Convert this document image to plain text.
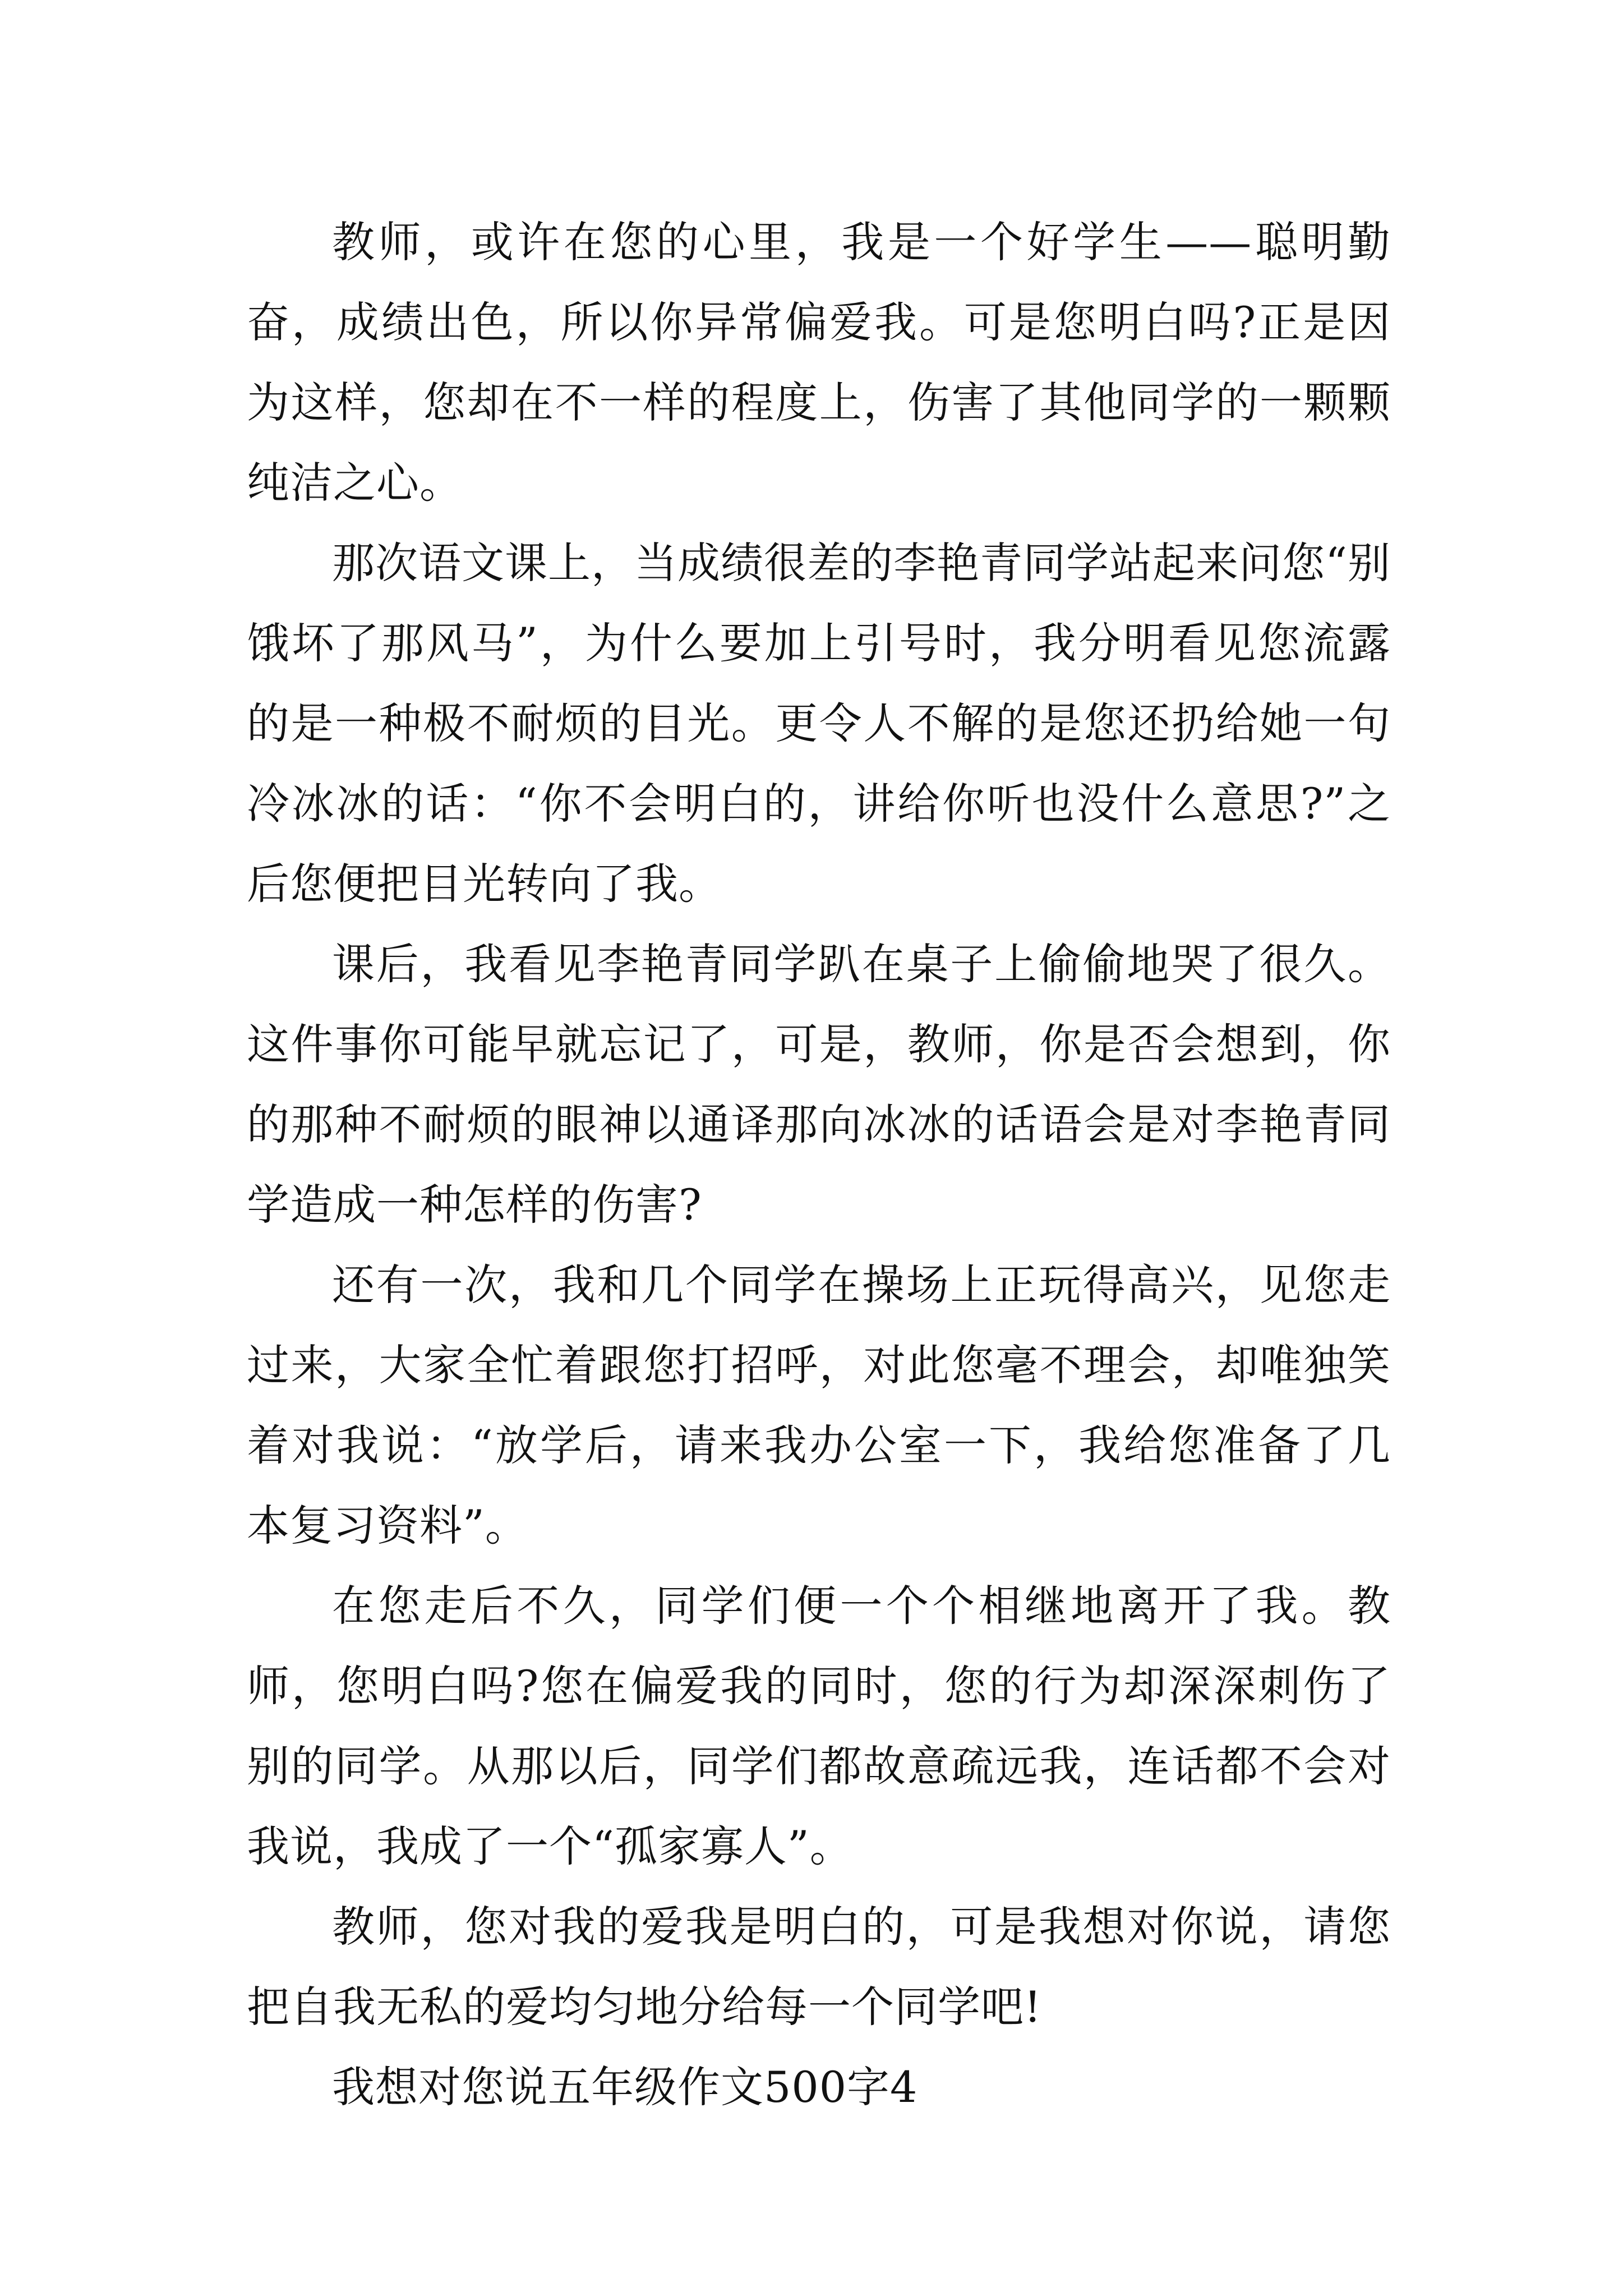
教师，或许在您的心里，我是一个好学生——聪明勤奋，成绩出色，所以你异常偏爱我。可是您明白吗?正是因为这样，您却在不一样的程度上，伤害了其他同学的一颗颗纯洁之心。

那次语文课上，当成绩很差的李艳青同学站起来问您“别饿坏了那风马”，为什么要加上引号时，我分明看见您流露的是一种极不耐烦的目光。更令人不解的是您还扔给她一句冷冰冰的话：“你不会明白的，讲给你听也没什么意思?”之后您便把目光转向了我。

课后，我看见李艳青同学趴在桌子上偷偷地哭了很久。这件事你可能早就忘记了，可是，教师，你是否会想到，你的那种不耐烦的眼神以通译那向冰冰的话语会是对李艳青同学造成一种怎样的伤害?

还有一次，我和几个同学在操场上正玩得高兴，见您走过来，大家全忙着跟您打招呼，对此您毫不理会，却唯独笑着对我说：“放学后，请来我办公室一下，我给您准备了几本复习资料”。

在您走后不久，同学们便一个个相继地离开了我。教师，您明白吗?您在偏爱我的同时，您的行为却深深刺伤了别的同学。从那以后，同学们都故意疏远我，连话都不会对我说，我成了一个“孤家寡人”。

教师，您对我的爱我是明白的，可是我想对你说，请您把自我无私的爱均匀地分给每一个同学吧!

我想对您说五年级作文500字4
